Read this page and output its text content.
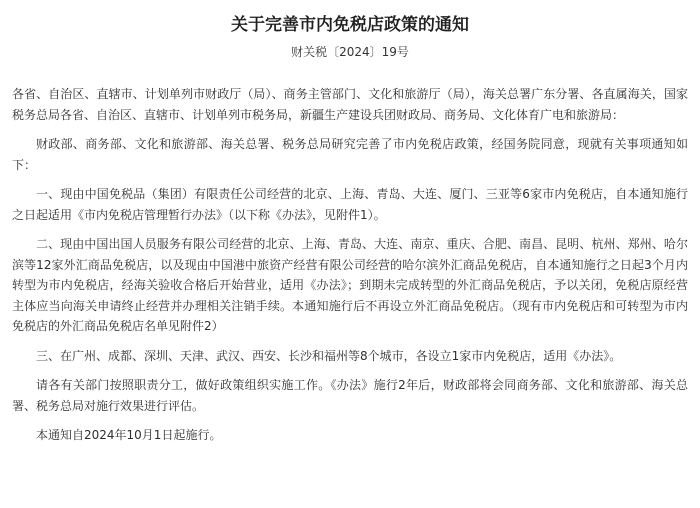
关于完善市内免税店政策的通知
财关税〔2024〕19号

各省、自治区、直辖市、计划单列市财政厅（局）、商务主管部门、文化和旅游厅（局），海关总署广东分署、各直属海关，国家税务总局各省、自治区、直辖市、计划单列市税务局，新疆生产建设兵团财政局、商务局、文化体育广电和旅游局：

财政部、商务部、文化和旅游部、海关总署、税务总局研究完善了市内免税店政策，经国务院同意，现就有关事项通知如下：

一、现由中国免税品（集团）有限责任公司经营的北京、上海、青岛、大连、厦门、三亚等6家市内免税店，自本通知施行之日起适用《市内免税店管理暂行办法》（以下称《办法》，见附件1）。

二、现由中国出国人员服务有限公司经营的北京、上海、青岛、大连、南京、重庆、合肥、南昌、昆明、杭州、郑州、哈尔滨等12家外汇商品免税店，以及现由中国港中旅资产经营有限公司经营的哈尔滨外汇商品免税店，自本通知施行之日起3个月内转型为市内免税店，经海关验收合格后开始营业，适用《办法》；到期未完成转型的外汇商品免税店，予以关闭，免税店原经营主体应当向海关申请终止经营并办理相关注销手续。本通知施行后不再设立外汇商品免税店。（现有市内免税店和可转型为市内免税店的外汇商品免税店名单见附件2）

三、在广州、成都、深圳、天津、武汉、西安、长沙和福州等8个城市，各设立1家市内免税店，适用《办法》。

请各有关部门按照职责分工，做好政策组织实施工作。《办法》施行2年后，财政部将会同商务部、文化和旅游部、海关总署、税务总局对施行效果进行评估。

本通知自2024年10月1日起施行。
